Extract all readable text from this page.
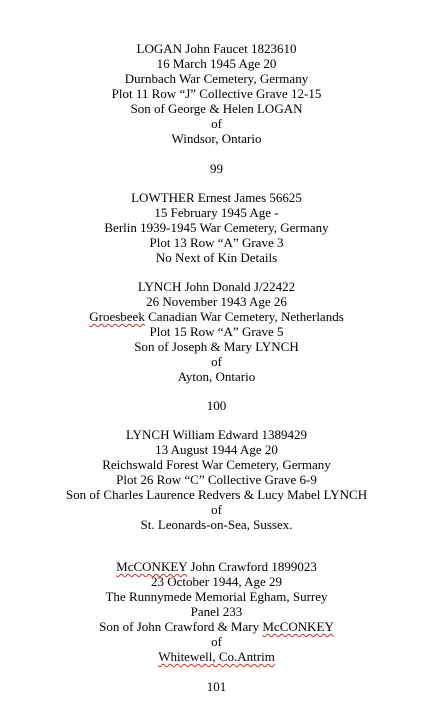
LOGAN John Faucet 1823610
16 March 1945 Age 20
Durnbach War Cemetery, Germany
Plot 11 Row “J” Collective Grave 12-15
Son of George & Helen LOGAN
of
Windsor, Ontario
99
LOWTHER Ernest James 56625
15 February 1945 Age -
Berlin 1939-1945 War Cemetery, Germany
Plot 13 Row “A” Grave 3
No Next of Kin Details
LYNCH John Donald J/22422
26 November 1943 Age 26
Groesbeek Canadian War Cemetery, Netherlands
Plot 15 Row “A” Grave 5
Son of Joseph & Mary LYNCH
of
Ayton, Ontario
100
LYNCH William Edward 1389429
13 August 1944 Age 20
Reichswald Forest War Cemetery, Germany
Plot 26 Row “C” Collective Grave 6-9
Son of Charles Laurence Redvers & Lucy Mabel LYNCH
of
St. Leonards-on-Sea, Sussex.
McCONKEY John Crawford 1899023
23 October 1944, Age 29
The Runnymede Memorial Egham, Surrey
Panel 233
Son of John Crawford & Mary McCONKEY
of
Whitewell, Co.Antrim
101
